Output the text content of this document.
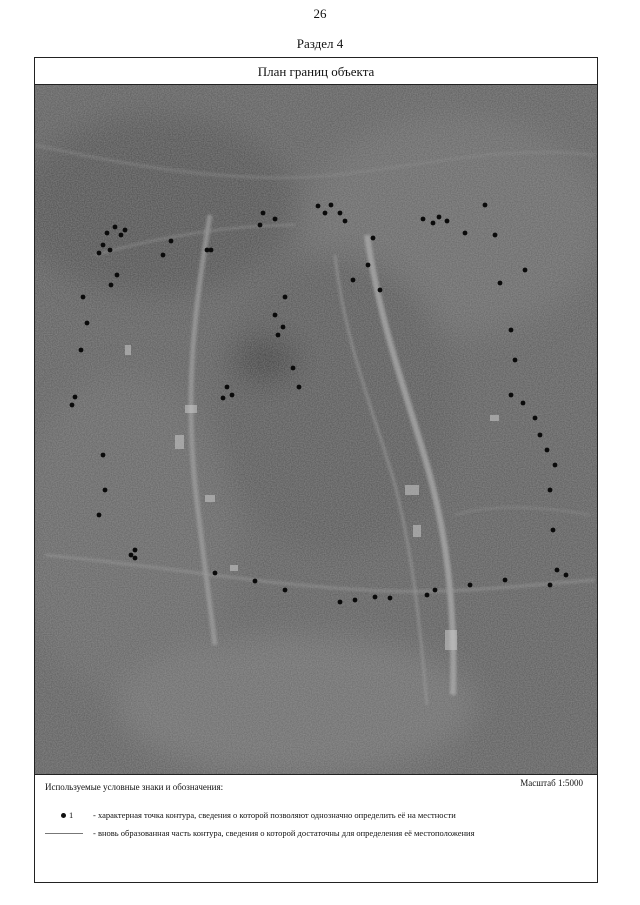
26
Раздел 4
План границ объекта
Используемые условные знаки и обозначения:	Масштаб 1:5000
1 - характерная точка контура, сведения о которой позволяют однозначно определить её на местности
- вновь образованная часть контура, сведения о которой достаточны для определения её местоположения
